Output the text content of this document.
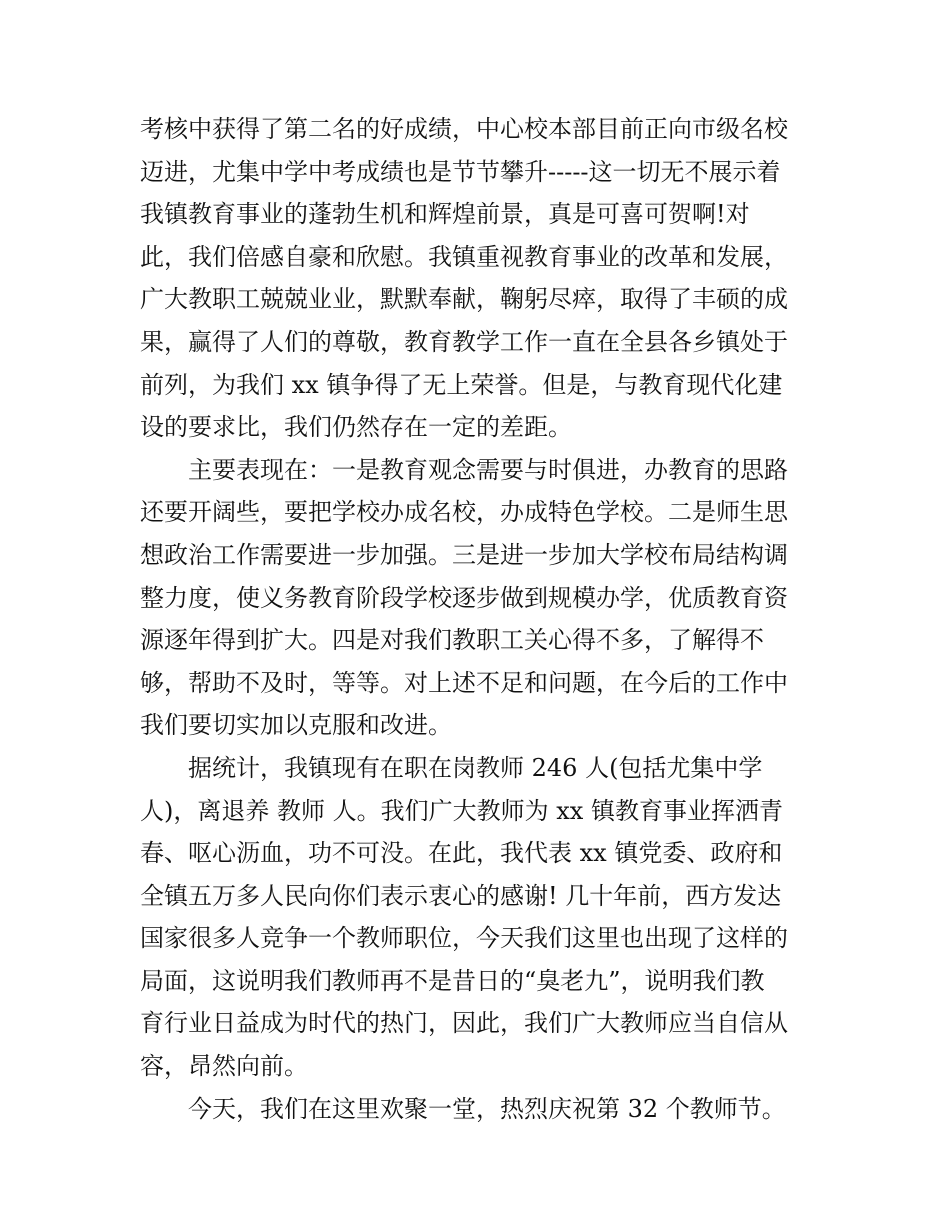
考核中获得了第二名的好成绩，中心校本部目前正向市级名校
迈进，尤集中学中考成绩也是节节攀升-----这一切无不展示着
我镇教育事业的蓬勃生机和辉煌前景，真是可喜可贺啊!对
此，我们倍感自豪和欣慰。我镇重视教育事业的改革和发展，
广大教职工兢兢业业，默默奉献，鞠躬尽瘁，取得了丰硕的成
果，赢得了人们的尊敬，教育教学工作一直在全县各乡镇处于
前列，为我们 xx 镇争得了无上荣誉。但是，与教育现代化建
设的要求比，我们仍然存在一定的差距。
主要表现在：一是教育观念需要与时俱进，办教育的思路
还要开阔些，要把学校办成名校，办成特色学校。二是师生思
想政治工作需要进一步加强。三是进一步加大学校布局结构调
整力度，使义务教育阶段学校逐步做到规模办学，优质教育资
源逐年得到扩大。四是对我们教职工关心得不多，了解得不
够，帮助不及时，等等。对上述不足和问题，在今后的工作中
我们要切实加以克服和改进。
据统计，我镇现有在职在岗教师 246 人(包括尤集中学
人)，离退养 教师 人。我们广大教师为 xx 镇教育事业挥洒青
春、呕心沥血，功不可没。在此，我代表 xx 镇党委、政府和
全镇五万多人民向你们表示衷心的感谢! 几十年前，西方发达
国家很多人竞争一个教师职位，今天我们这里也出现了这样的
局面，这说明我们教师再不是昔日的“臭老九”，说明我们教
育行业日益成为时代的热门，因此，我们广大教师应当自信从
容，昂然向前。
今天，我们在这里欢聚一堂，热烈庆祝第 32 个教师节。
